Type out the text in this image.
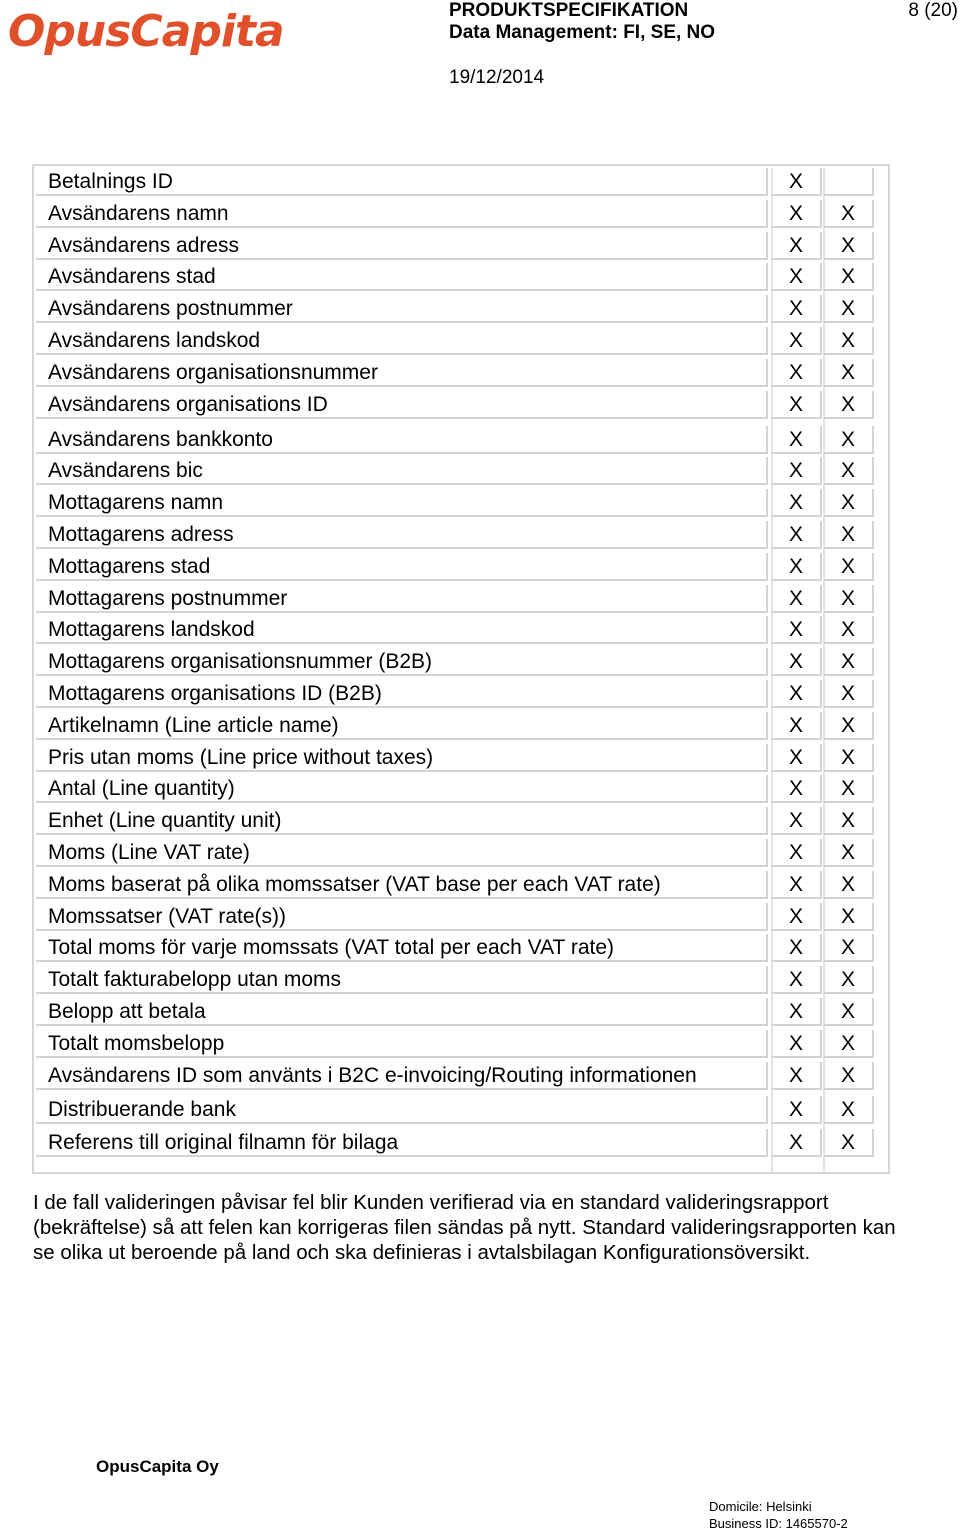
OpusCapita	PRODUKTSPECIFIKATION
Data Management: FI, SE, NO
8 (20)
19/12/2014
Betalnings ID	X
Avsändarens namn	X	X
Avsändarens adress	X	X
Avsändarens stad	X	X
Avsändarens postnummer	X	X
Avsändarens landskod	X	X
Avsändarens organisationsnummer	X	X
Avsändarens organisations ID	X	X
Avsändarens bankkonto	X	X
Avsändarens bic	X	X
Mottagarens namn	X	X
Mottagarens adress	X	X
Mottagarens stad	X	X
Mottagarens postnummer	X	X
Mottagarens landskod	X	X
Mottagarens organisationsnummer (B2B)	X	X
Mottagarens organisations ID (B2B)	X	X
Artikelnamn (Line article name)	X	X
Pris utan moms (Line price without taxes)	X	X
Antal (Line quantity)	X	X
Enhet (Line quantity unit)	X	X
Moms (Line VAT rate)	X	X
Moms baserat på olika momssatser (VAT base per each VAT rate)	X	X
Momssatser (VAT rate(s))	X	X
Total moms för varje momssats (VAT total per each VAT rate)	X	X
Totalt fakturabelopp utan moms	X	X
Belopp att betala	X	X
Totalt momsbelopp	X	X
Avsändarens ID som använts i B2C e-invoicing/Routing informationen	X	X
Distribuerande bank	X	X
Referens till original filnamn för bilaga	X	X
I de fall valideringen påvisar fel blir Kunden verifierad via en standard valideringsrapport (bekräftelse) så att felen kan korrigeras filen sändas på nytt. Standard valideringsrapporten kan se olika ut beroende på land och ska definieras i avtalsbilagan Konfigurationsöversikt.
OpusCapita Oy
Domicile: Helsinki
Business ID: 1465570-2
